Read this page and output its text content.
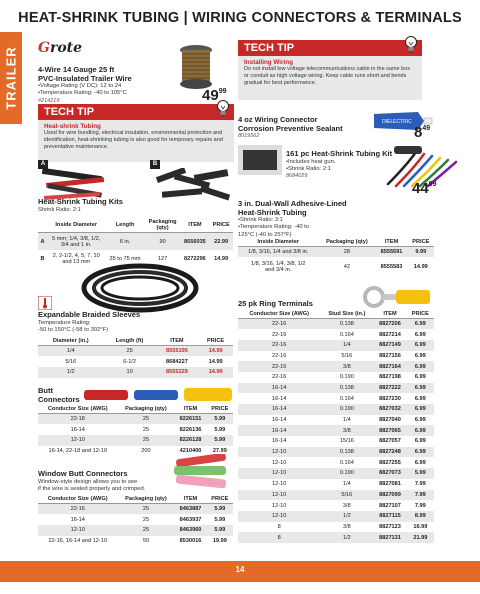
HEAT-SHRINK TUBING | WIRING CONNECTORS & TERMINALS
TRAILER Grote
4-Wire 14 Gauge 25 ft
PVC-Insulated Trailer Wire
•Voltage Rating (V DC): 12 to 24
•Temperature Rating: -40 to 105°C
#214219	$49^{99}$
TECH TIP
Heat-shrink Tubing
Used for wire bundling, electrical insulation, environmental protection and identification, heat-shrinking tubing is also good for temporary repairs and preventative maintenance.
TECH TIP
Installing Wiring
Do not install low voltage telecommunications cable in the same box or conduit as high voltage wiring. Keep cable runs short and bends gradual for best performance.
4 oz Wiring Connector
Corrosion Preventive Sealant
8019562
DIELECTRIC
$8^{49}$
161 pc Heat-Shrink Tubing Kit
•Includes heat gun.
•Shrink Ratio: 2:1
8684029
$44^{99}$
A	B
Heat-Shrink Tubing Kits
Shrink Ratio: 2:1
	Inside Diameter	Length	Packaging
(qty)	ITEM	PRICE
A	5 mm; 1/4, 3/8, 1/2,
3/4 and 1 in.	6 in.	90	8656035	22.99
B	2, 2-1/2, 4, 5, 7, 10
and 13 mm	35 to 75 mm	127	8272296	14.99
3 in. Dual-Wall Adhesive-Lined
Heat-Shrink Tubing
•Shrink Ratio: 3:1
•Temperature Rating: -40 to
125°C (-40 to 257°F)
Inside Diameter	Packaging (qty)	ITEM	PRICE
1/8, 3/16, 1/4 and 3/8 in.	28	8555591	9.99
1/8, 3/16, 1/4, 3/8, 1/2
and 3/4 in.	42	8555583	14.99
Expandable Braided Sleeves
Temperature Rating:
-50 to 150°C (-58 to 302°F)
Diameter (in.)	Length (ft)	ITEM	PRICE
1/4	25	8555195	14.99
5/16	6-1/2	8684227	14.99
1/2	10	8555229	14.99
Butt
Connectors
Conductor Size (AWG)	Packaging (qty)	ITEM	PRICE
22-18	25	8226151	5.99
16-14	25	8226136	5.99
12-10	25	8226128	5.99
16-14, 22-18 and 12-10	200	4210400	27.99
Window Butt Connectors
Window-style design allows you to see
if the wire is seated properly and crimped.
Conductor Size (AWG)	Packaging (qty)	ITEM	PRICE
22-16	25	8463887	5.99
16-14	25	8463937	5.99
12-10	25	8463960	5.99
22-16, 16-14 and 12-10	50	8530016	19.99
25 pk Ring Terminals
Conductor Size (AWG)	Stud Size (in.)	ITEM	PRICE
22-16	0.138	8827206	6.99
22-16	0.164	8827214	6.99
22-16	1/4	8827149	6.99
22-16	5/16	8827156	6.99
22-16	3/8	8827164	6.99
22-16	0.190	8827198	6.99
16-14	0.138	8827222	6.99
16-14	0.164	8827230	6.99
16-14	0.190	8827032	6.99
16-14	1/4	8827040	6.99
16-14	3/8	8827065	6.99
16-14	15/16	8827057	6.99
12-10	0.138	8827248	6.99
12-10	0.164	8827255	6.99
12-10	0.190	8827073	5.99
12-10	1/4	8827081	7.99
12-10	5/16	8827099	7.99
12-10	3/8	8827107	7.99
12-10	1/2	8827115	8.99
8	3/8	8827123	16.99
8	1/2	8827131	21.99
14
